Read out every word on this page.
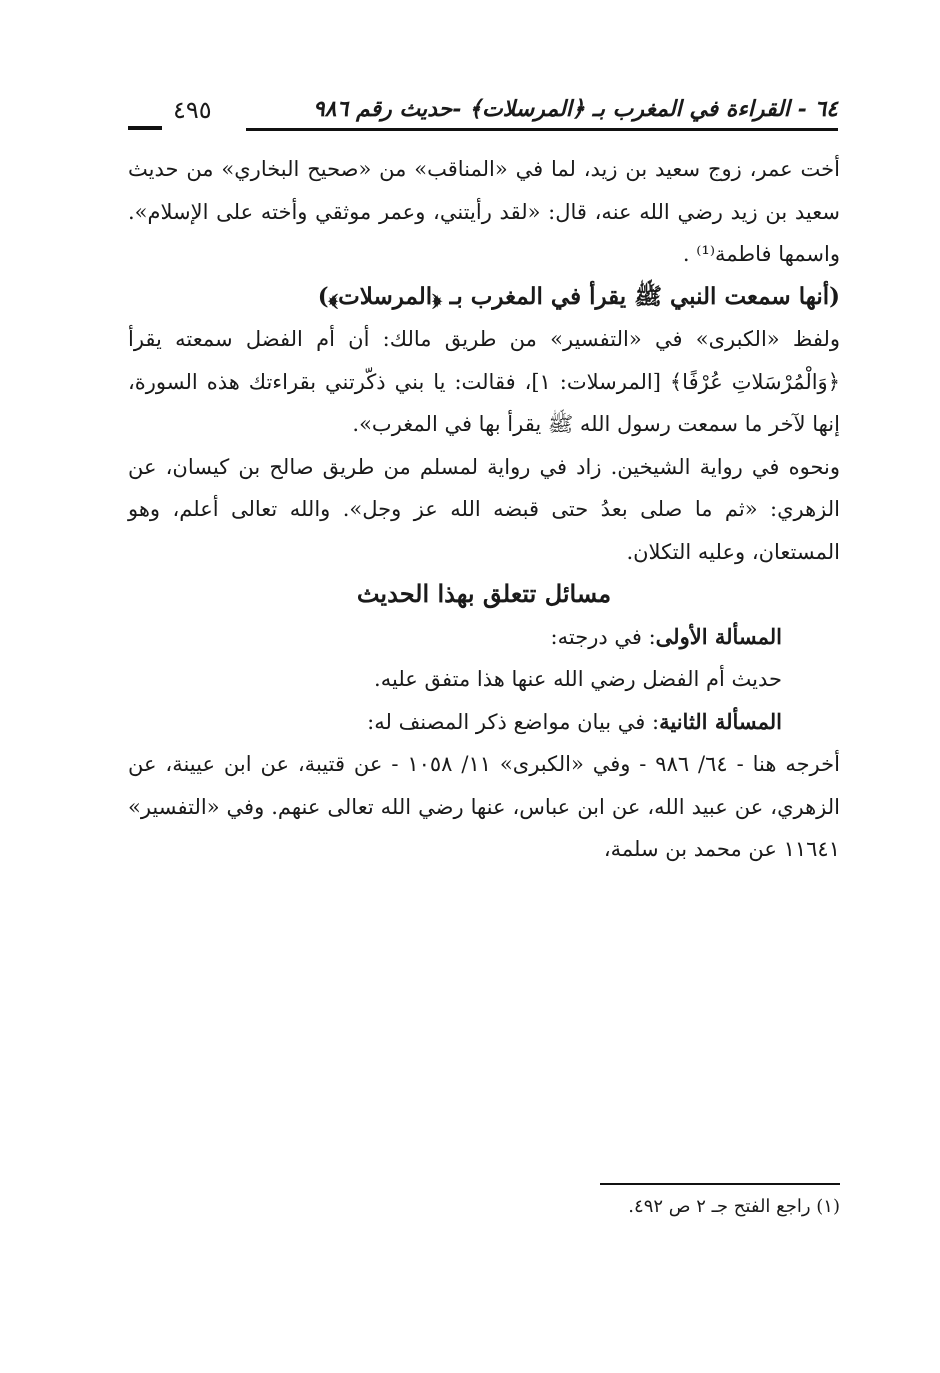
٦٤ - القراءة في المغرب بـ ﴿المرسلات﴾ -حديث رقم ٩٨٦
٤٩٥

أخت عمر، زوج سعيد بن زيد، لما في «المناقب» من «صحيح البخاري» من حديث سعيد بن زيد رضي الله عنه، قال: «لقد رأيتني، وعمر موثقي وأخته على الإسلام». واسمها فاطمة⁽¹⁾ .

(أنها سمعت النبي ﷺ يقرأ في المغرب بـ ﴿المرسلات﴾)

ولفظ «الكبرى» في «التفسير» من طريق مالك: أن أم الفضل سمعته يقرأ ﴿وَالْمُرْسَلاتِ عُرْفًا﴾ [المرسلات: ١]، فقالت: يا بني ذكّرتني بقراءتك هذه السورة، إنها لآخر ما سمعت رسول الله ﷺ يقرأ بها في المغرب».

ونحوه في رواية الشيخين. زاد في رواية لمسلم من طريق صالح بن كيسان، عن الزهري: «ثم ما صلى بعدُ حتى قبضه الله عز وجل». والله تعالى أعلم، وهو المستعان، وعليه التكلان.

مسائل تتعلق بهذا الحديث

المسألة الأولى: في درجته:

حديث أم الفضل رضي الله عنها هذا متفق عليه.

المسألة الثانية: في بيان مواضع ذكر المصنف له:

أخرجه هنا - ٦٤/ ٩٨٦ - وفي «الكبرى» ١١/ ١٠٥٨ - عن قتيبة، عن ابن عيينة، عن الزهري، عن عبيد الله، عن ابن عباس، عنها رضي الله تعالى عنهم. وفي «التفسير» ١١٦٤١ عن محمد بن سلمة،

(١) راجع الفتح جـ ٢ ص ٤٩٢.
